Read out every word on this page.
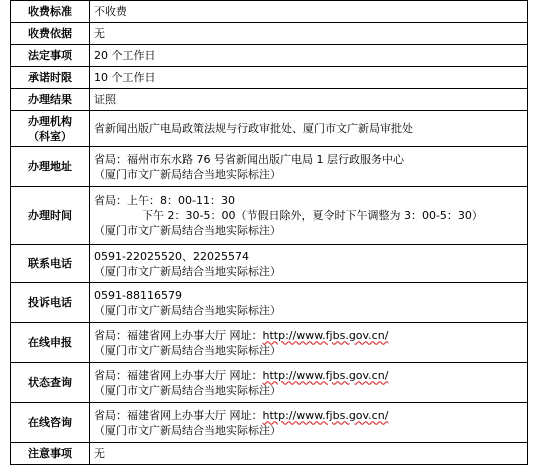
收费标准	不收费

收费依据	无

法定事项	20 个工作日

承诺时限	10 个工作日

办理结果	证照

办理机构
（科室）	省新闻出版广电局政策法规与行政审批处、厦门市文广新局审批处

办理地址	省局：福州市东水路 76 号省新闻出版广电局 1 层行政服务中心
（厦门市文广新局结合当地实际标注）

办理时间	省局：上午：8：00-11：30
下午 2：30-5：00（节假日除外，夏令时下午调整为 3：00-5：30）
（厦门市文广新局结合当地实际标注）

联系电话	0591-22025520、22025574
（厦门市文广新局结合当地实际标注）

投诉电话	0591-88116579
（厦门市文广新局结合当地实际标注）

在线申报	省局：福建省网上办事大厅 网址：http://www.fjbs.gov.cn/
（厦门市文广新局结合当地实际标注）

状态查询	省局：福建省网上办事大厅 网址：http://www.fjbs.gov.cn/
（厦门市文广新局结合当地实际标注）

在线咨询	省局：福建省网上办事大厅 网址：http://www.fjbs.gov.cn/
（厦门市文广新局结合当地实际标注）

注意事项	无
